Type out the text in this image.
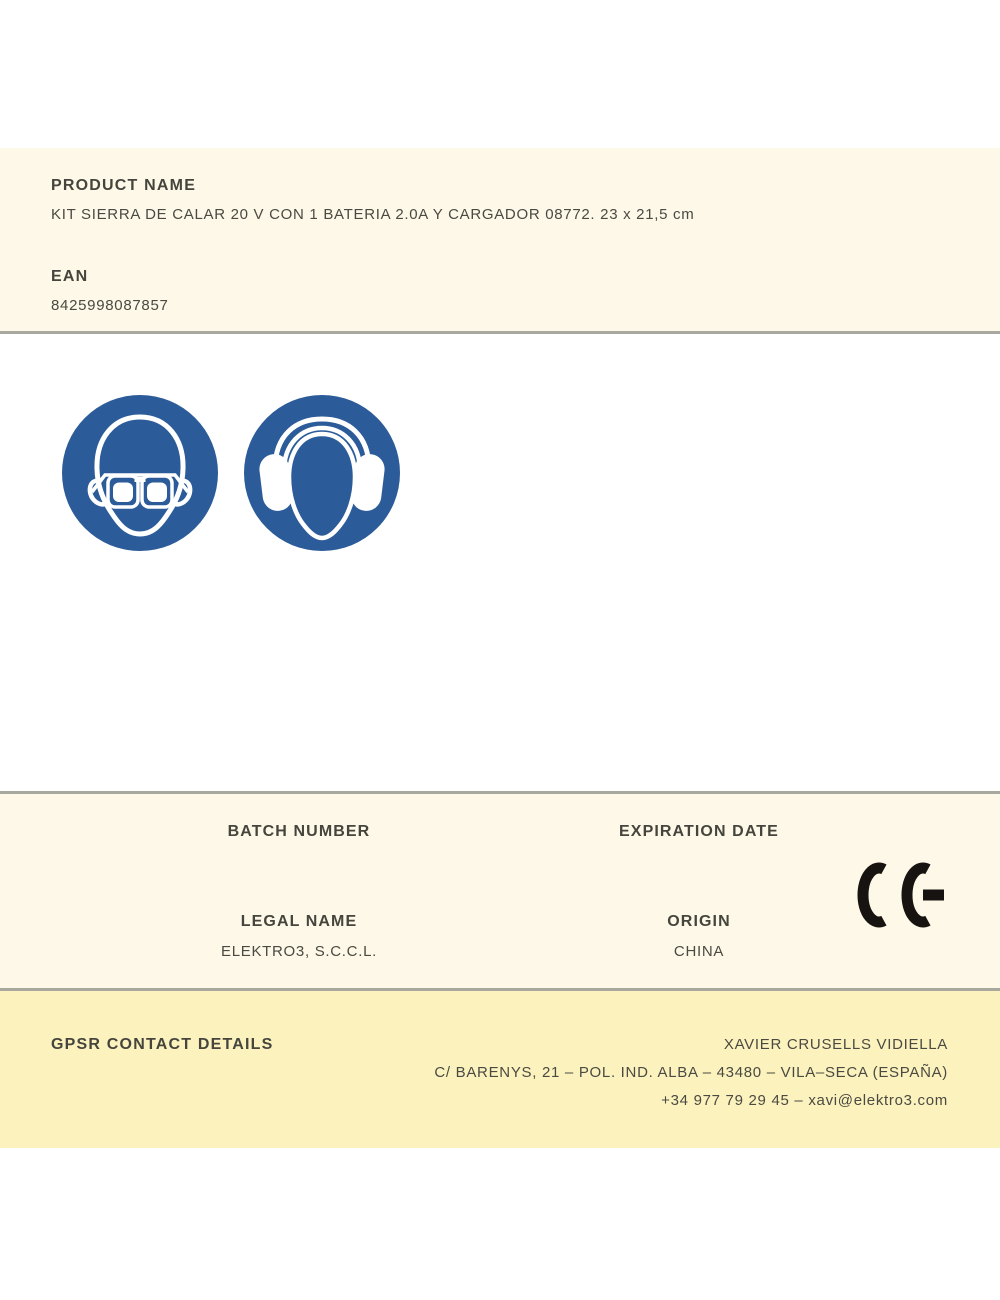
PRODUCT NAME
KIT SIERRA DE CALAR 20 V CON 1 BATERIA 2.0A Y CARGADOR 08772. 23 x 21,5 cm
EAN
8425998087857
BATCH NUMBER
LEGAL NAME
ELEKTRO3, S.C.C.L.
EXPIRATION DATE
ORIGIN
CHINA
GPSR CONTACT DETAILS	XAVIER CRUSELLS VIDIELLA
C/ BARENYS, 21 – POL. IND. ALBA – 43480 – VILA–SECA (ESPAÑA)
+34 977 79 29 45 – xavi@elektro3.com
